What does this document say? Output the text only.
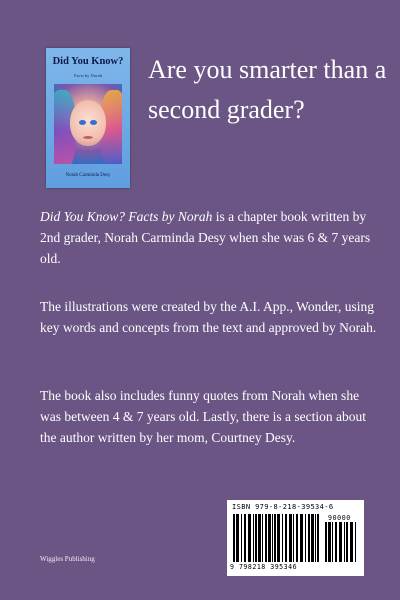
Did You Know?
Facts by Norah
Norah Carminda Desy
Are you smarter than a second grader?

Did You Know? Facts by Norah is a chapter book written by 2nd grader, Norah Carminda Desy when she was 6 & 7 years old.

The illustrations were created by the A.I. App., Wonder, using key words and concepts from the text and approved by Norah.

The book also includes funny quotes from Norah when she was between 4 & 7 years old. Lastly, there is a section about the author written by her mom, Courtney Desy.

Wiggles Publishing
ISBN 979-8-218-39534-6
90000
9 798218 395346
